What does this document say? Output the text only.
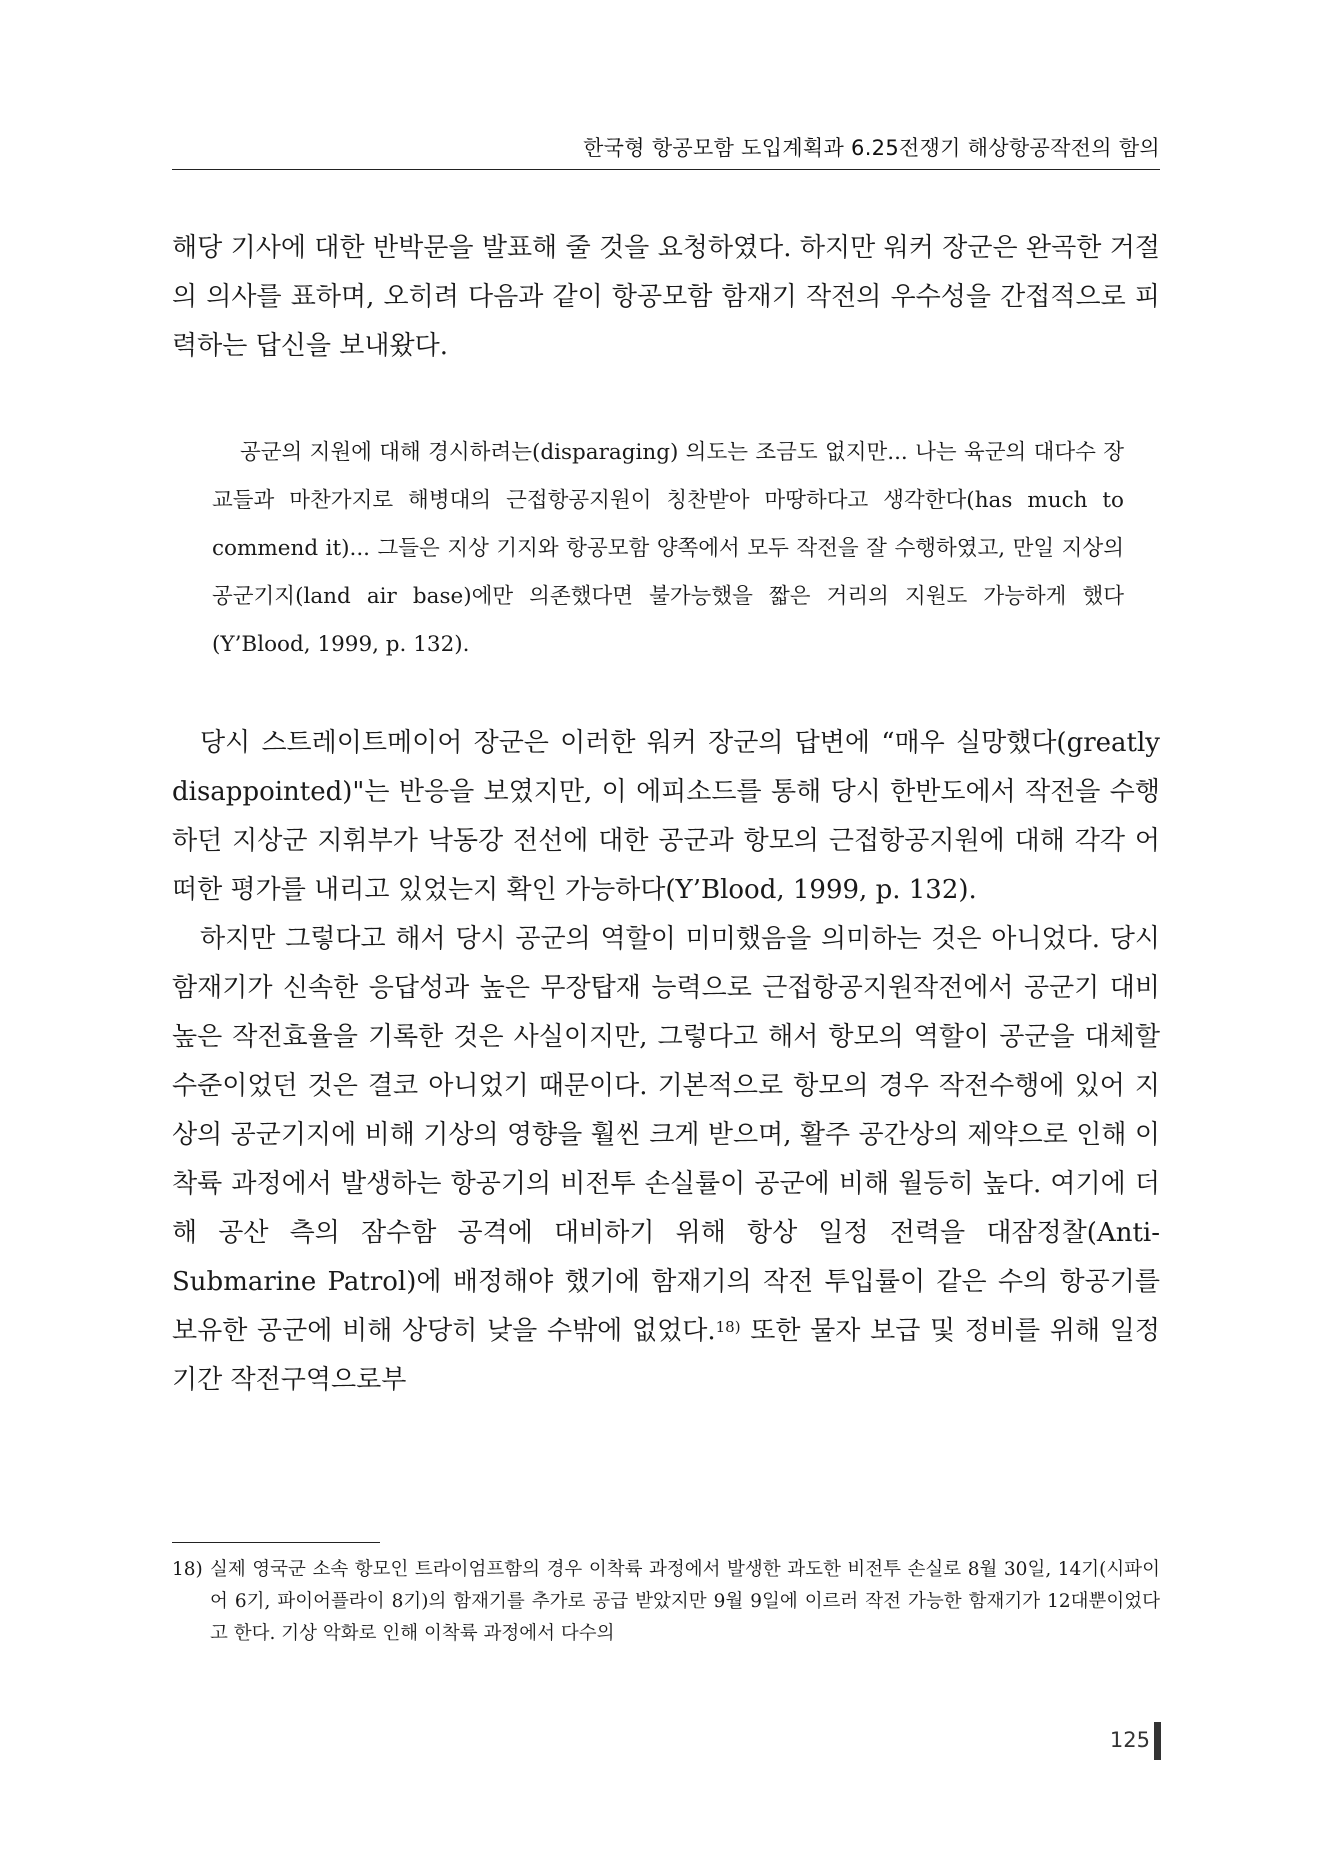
한국형 항공모함 도입계획과 6.25전쟁기 해상항공작전의 함의

해당 기사에 대한 반박문을 발표해 줄 것을 요청하였다. 하지만 워커 장군은 완곡한 거절의 의사를 표하며, 오히려 다음과 같이 항공모함 함재기 작전의 우수성을 간접적으로 피력하는 답신을 보내왔다.

공군의 지원에 대해 경시하려는(disparaging) 의도는 조금도 없지만... 나는 육군의 대다수 장교들과 마찬가지로 해병대의 근접항공지원이 칭찬받아 마땅하다고 생각한다(has much to commend it)... 그들은 지상 기지와 항공모함 양쪽에서 모두 작전을 잘 수행하였고, 만일 지상의 공군기지(land air base)에만 의존했다면 불가능했을 짧은 거리의 지원도 가능하게 했다(Y’Blood, 1999, p. 132).

당시 스트레이트메이어 장군은 이러한 워커 장군의 답변에 “매우 실망했다(greatly disappointed)"는 반응을 보였지만, 이 에피소드를 통해 당시 한반도에서 작전을 수행하던 지상군 지휘부가 낙동강 전선에 대한 공군과 항모의 근접항공지원에 대해 각각 어떠한 평가를 내리고 있었는지 확인 가능하다(Y’Blood, 1999, p. 132).

하지만 그렇다고 해서 당시 공군의 역할이 미미했음을 의미하는 것은 아니었다. 당시 함재기가 신속한 응답성과 높은 무장탑재 능력으로 근접항공지원작전에서 공군기 대비 높은 작전효율을 기록한 것은 사실이지만, 그렇다고 해서 항모의 역할이 공군을 대체할 수준이었던 것은 결코 아니었기 때문이다. 기본적으로 항모의 경우 작전수행에 있어 지상의 공군기지에 비해 기상의 영향을 훨씬 크게 받으며, 활주 공간상의 제약으로 인해 이착륙 과정에서 발생하는 항공기의 비전투 손실률이 공군에 비해 월등히 높다. 여기에 더해 공산 측의 잠수함 공격에 대비하기 위해 항상 일정 전력을 대잠정찰(Anti-Submarine Patrol)에 배정해야 했기에 함재기의 작전 투입률이 같은 수의 항공기를 보유한 공군에 비해 상당히 낮을 수밖에 없었다.$^{18)}$ 또한 물자 보급 및 정비를 위해 일정기간 작전구역으로부

18) 실제 영국군 소속 항모인 트라이엄프함의 경우 이착륙 과정에서 발생한 과도한 비전투 손실로 8월 30일, 14기(시파이어 6기, 파이어플라이 8기)의 함재기를 추가로 공급 받았지만 9월 9일에 이르러 작전 가능한 함재기가 12대뿐이었다고 한다. 기상 악화로 인해 이착륙 과정에서 다수의
125
